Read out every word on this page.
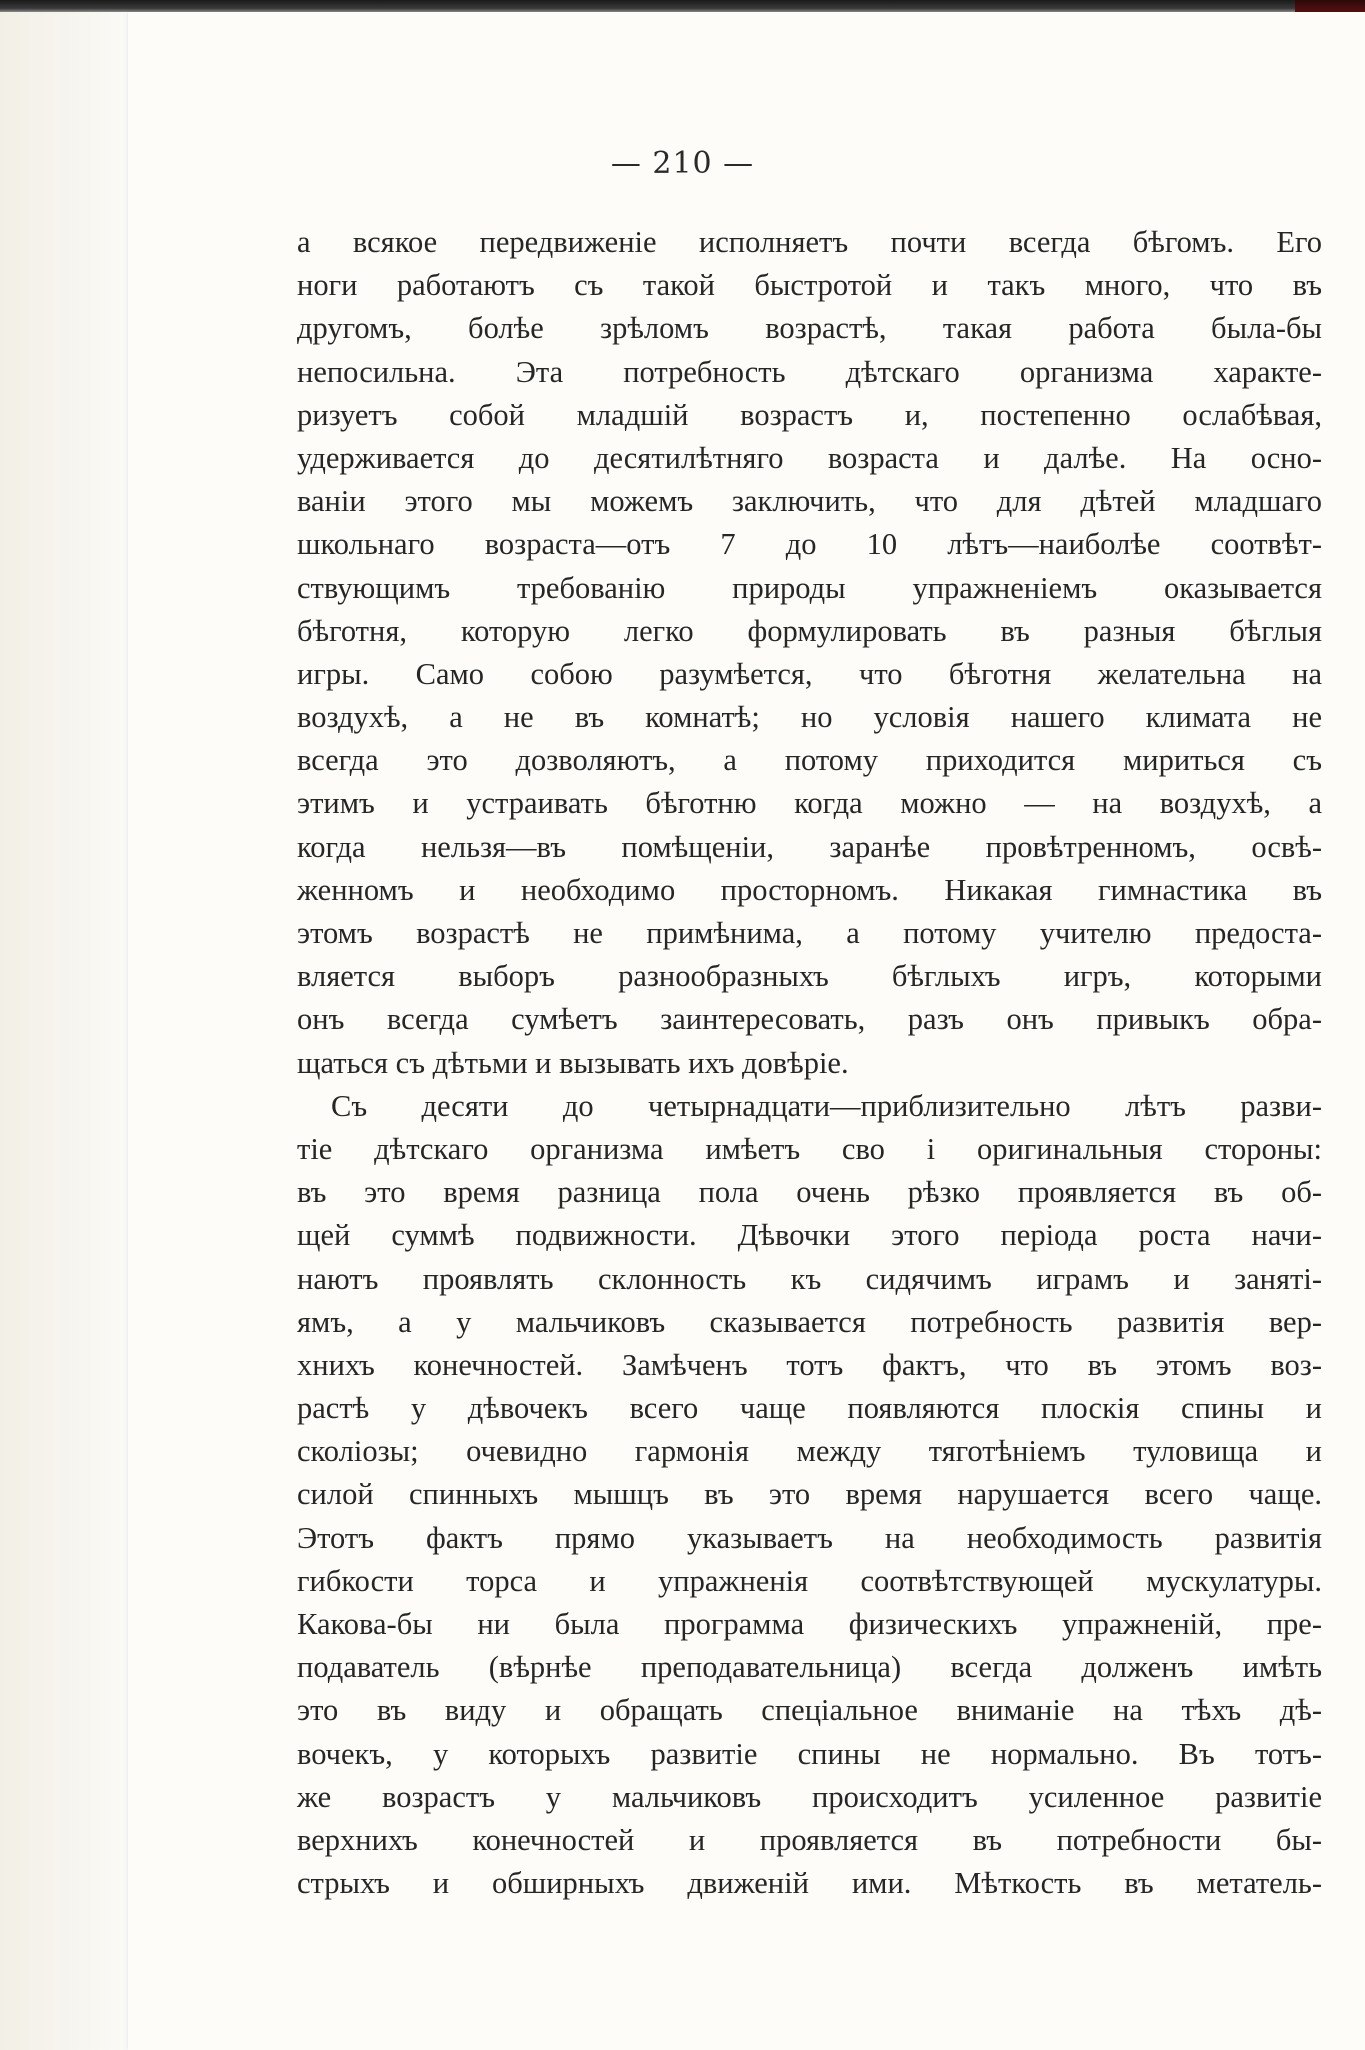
— 210 —
а всякое передвиженіе исполняетъ почти всегда бѣгомъ. Его
ноги работаютъ съ такой быстротой и такъ много, что въ
другомъ, болѣе зрѣломъ возрастѣ, такая работа была-бы
непосильна. Эта потребность дѣтскаго организма характе-
ризуетъ собой младшій возрастъ и, постепенно ослабѣвая,
удерживается до десятилѣтняго возраста и далѣе. На осно-
ваніи этого мы можемъ заключить, что для дѣтей младшаго
школьнаго возраста—отъ 7 до 10 лѣтъ—наиболѣе соотвѣт-
ствующимъ требованію природы упражненіемъ оказывается
бѣготня, которую легко формулировать въ разныя бѣглыя
игры. Само собою разумѣется, что бѣготня желательна на
воздухѣ, а не въ комнатѣ; но условія нашего климата не
всегда это дозволяютъ, а потому приходится мириться съ
этимъ и устраивать бѣготню когда можно — на воздухѣ, а
когда нельзя—въ помѣщеніи, заранѣе провѣтренномъ, освѣ-
женномъ и необходимо просторномъ. Никакая гимнастика въ
этомъ возрастѣ не примѣнима, а потому учителю предоста-
вляется выборъ разнообразныхъ бѣглыхъ игръ, которыми
онъ всегда сумѣетъ заинтересовать, разъ онъ привыкъ обра-
щаться съ дѣтьми и вызывать ихъ довѣріе.
Съ десяти до четырнадцати—приблизительно лѣтъ разви-
тіе дѣтскаго организма имѣетъ сво і оригинальныя стороны:
въ это время разница пола очень рѣзко проявляется въ об-
щей суммѣ подвижности. Дѣвочки этого періода роста начи-
наютъ проявлять склонность къ сидячимъ играмъ и занятi-
ямъ, а у мальчиковъ сказывается потребность развитія вер-
хнихъ конечностей. Замѣченъ тотъ фактъ, что въ этомъ воз-
растѣ у дѣвочекъ всего чаще появляются плоскія спины и
сколіозы; очевидно гармонія между тяготѣніемъ туловища и
силой спинныхъ мышцъ въ это время нарушается всего чаще.
Этотъ фактъ прямо указываетъ на необходимость развитія
гибкости торса и упражненія соотвѣтствующей мускулатуры.
Какова-бы ни была программа физическихъ упражненій, пре-
подаватель (вѣрнѣе преподавательница) всегда долженъ имѣть
это въ виду и обращать спеціальное вниманіе на тѣхъ дѣ-
вочекъ, у которыхъ развитіе спины не нормально. Въ тотъ-
же возрастъ у мальчиковъ происходитъ усиленное развитіе
верхнихъ конечностей и проявляется въ потребности бы-
стрыхъ и обширныхъ движеній ими. Мѣткость въ метатель-
